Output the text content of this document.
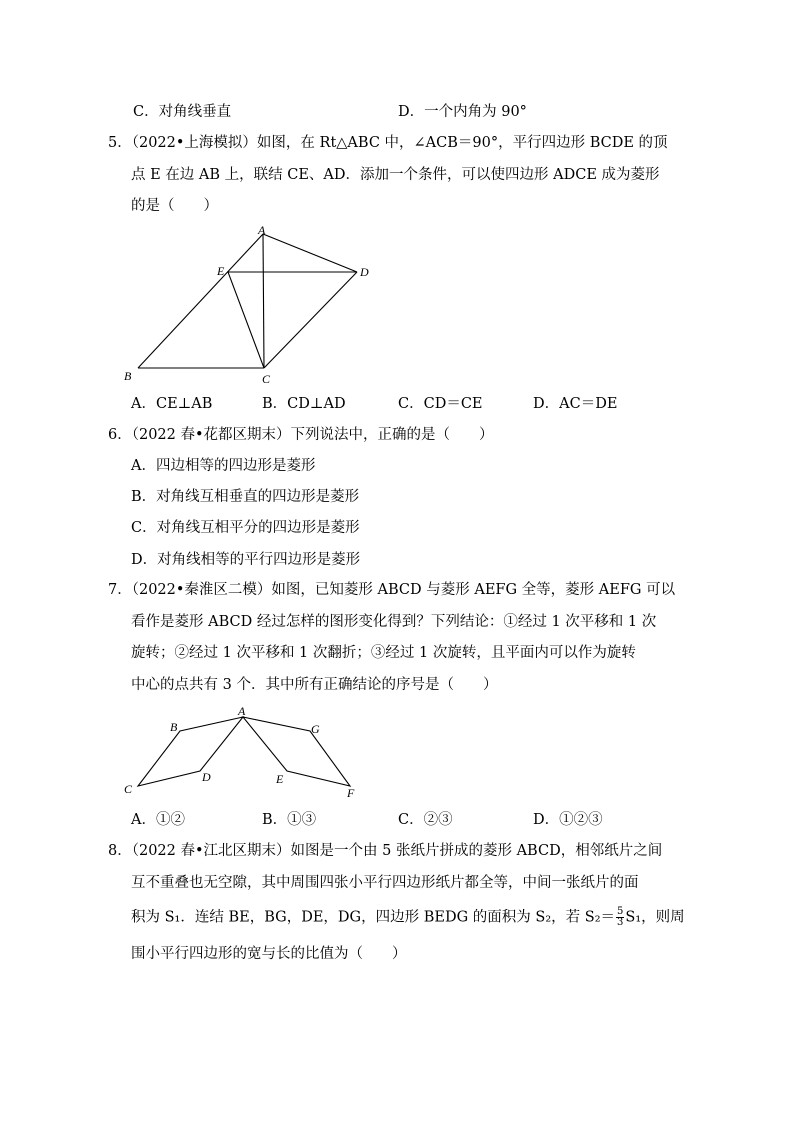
C．对角线垂直	D．一个内角为 90°
5．（2022•上海模拟）如图，在 Rt△ABC 中，∠ACB＝90°，平行四边形 BCDE 的顶
点 E 在边 AB 上，联结 CE、AD．添加一个条件，可以使四边形 ADCE 成为菱形
的是（　　）
A
E	D
B	C
A．CE⊥AB	B．CD⊥AD	C．CD＝CE	D．AC＝DE
6．（2022 春•花都区期末）下列说法中，正确的是（　　）
A．四边相等的四边形是菱形
B．对角线互相垂直的四边形是菱形
C．对角线互相平分的四边形是菱形
D．对角线相等的平行四边形是菱形
7．（2022•秦淮区二模）如图，已知菱形 ABCD 与菱形 AEFG 全等，菱形 AEFG 可以
看作是菱形 ABCD 经过怎样的图形变化得到？下列结论：①经过 1 次平移和 1 次
旋转；②经过 1 次平移和 1 次翻折；③经过 1 次旋转，且平面内可以作为旋转
中心的点共有 3 个．其中所有正确结论的序号是（　　）
A
B
C
D	E
F
G
A．①②	B．①③	C．②③	D．①②③
8．（2022 春•江北区期末）如图是一个由 5 张纸片拼成的菱形 ABCD，相邻纸片之间
互不重叠也无空隙，其中周围四张小平行四边形纸片都全等，中间一张纸片的面
积为 S₁．连结 BE，BG，DE，DG，四边形 BEDG 的面积为 S₂，若 $S_2= \frac{5}{3} S_1$，则周
围小平行四边形的宽与长的比值为（　　）
